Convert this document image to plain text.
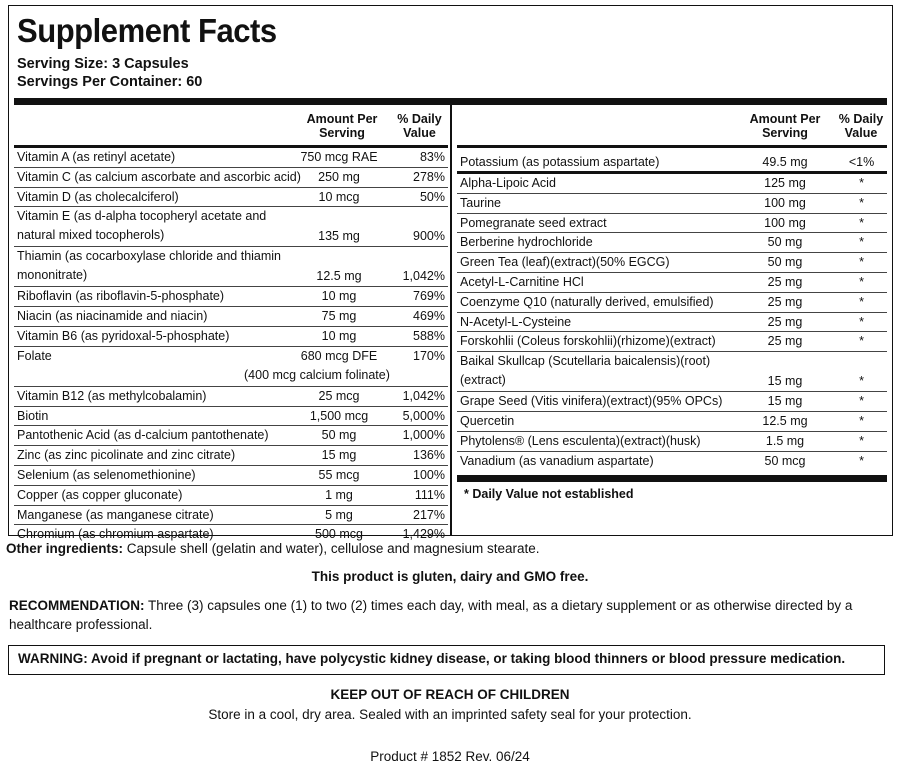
Supplement Facts
Serving Size: 3 Capsules
Servings Per Container: 60
Amount Per
Serving
% Daily
Value
Vitamin A (as retinyl acetate)	750 mcg RAE	83%
Vitamin C (as calcium ascorbate and ascorbic acid)	250 mg	278%
Vitamin D (as cholecalciferol)	10 mcg	50%
Vitamin E (as d-alpha tocopheryl acetate and
natural mixed tocopherols)	135 mg	900%
Thiamin (as cocarboxylase chloride and thiamin
mononitrate)	12.5 mg	1,042%
Riboflavin (as riboflavin-5-phosphate)	10 mg	769%
Niacin (as niacinamide and niacin)	75 mg	469%
Vitamin B6 (as pyridoxal-5-phosphate)	10 mg	588%
Folate	680 mcg DFE	170%
(400 mcg calcium folinate)
Vitamin B12 (as methylcobalamin)	25 mcg	1,042%
Biotin	1,500 mcg	5,000%
Pantothenic Acid (as d-calcium pantothenate)	50 mg	1,000%
Zinc (as zinc picolinate and zinc citrate)	15 mg	136%
Selenium (as selenomethionine)	55 mcg	100%
Copper (as copper gluconate)	1 mg	111%
Manganese (as manganese citrate)	5 mg	217%
Chromium (as chromium aspartate)	500 mcg	1,429%
Amount Per
Serving
% Daily
Value
Potassium (as potassium aspartate)	49.5 mg	<1%
Alpha-Lipoic Acid	125 mg	*
Taurine	100 mg	*
Pomegranate seed extract	100 mg	*
Berberine hydrochloride	50 mg	*
Green Tea (leaf)(extract)(50% EGCG)	50 mg	*
Acetyl-L-Carnitine HCl	25 mg	*
Coenzyme Q10 (naturally derived, emulsified)	25 mg	*
N-Acetyl-L-Cysteine	25 mg	*
Forskohlii (Coleus forskohlii)(rhizome)(extract)	25 mg	*
Baikal Skullcap (Scutellaria baicalensis)(root)
(extract)	15 mg	*
Grape Seed (Vitis vinifera)(extract)(95% OPCs)	15 mg	*
Quercetin	12.5 mg	*
Phytolens® (Lens esculenta)(extract)(husk)	1.5 mg	*
Vanadium (as vanadium aspartate)	50 mcg	*
* Daily Value not established
Other ingredients: Capsule shell (gelatin and water), cellulose and magnesium stearate.
This product is gluten, dairy and GMO free.
RECOMMENDATION: Three (3) capsules one (1) to two (2) times each day, with meal, as a dietary supplement or as otherwise directed by a healthcare professional.
WARNING: Avoid if pregnant or lactating, have polycystic kidney disease, or taking blood thinners or blood pressure medication.
KEEP OUT OF REACH OF CHILDREN
Store in a cool, dry area. Sealed with an imprinted safety seal for your protection.
Product # 1852 Rev. 06/24
